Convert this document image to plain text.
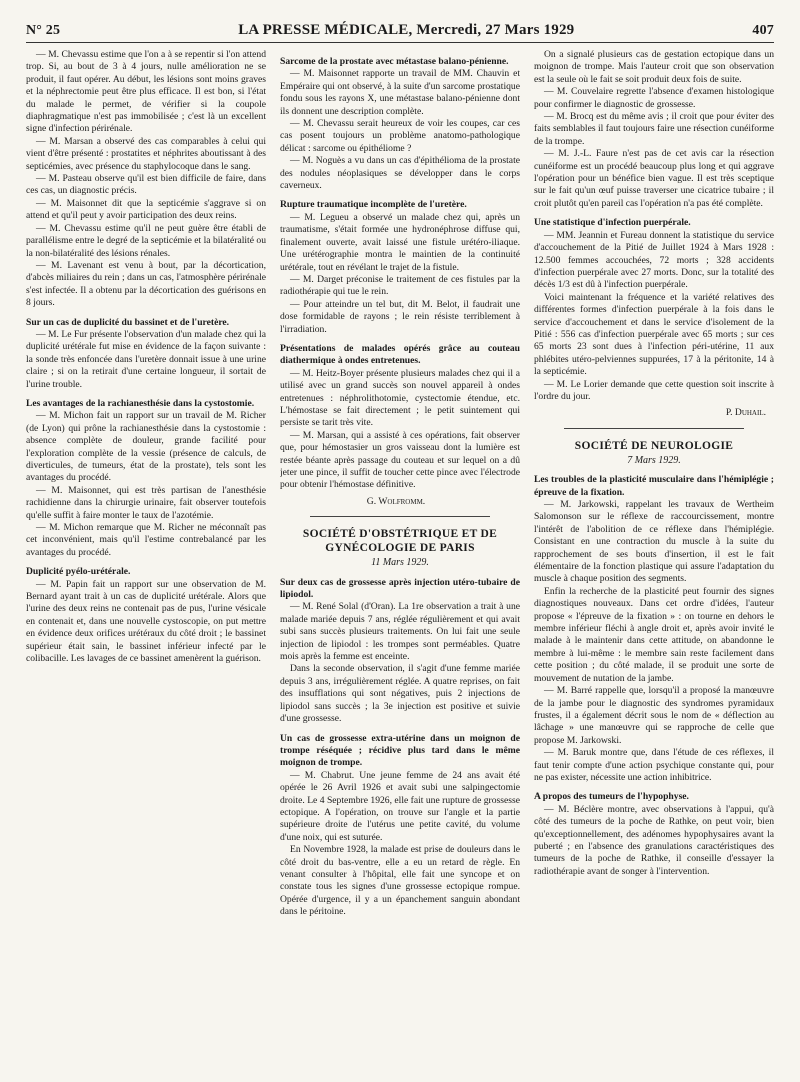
N° 25	LA PRESSE MÉDICALE, Mercredi, 27 Mars 1929	407

— M. Chevassu estime que l'on a à se repentir si l'on attend trop. Si, au bout de 3 à 4 jours, nulle amélioration ne se produit, il faut opérer. Au début, les lésions sont moins graves et la néphrectomie peut être plus efficace. Il est bon, si l'état du malade le permet, de vérifier si la coupole diaphragmatique n'est pas immobilisée ; c'est là un excellent signe d'infection périrénale.

— M. Marsan a observé des cas comparables à celui qui vient d'être présenté : prostatites et néphrites aboutissant à des septicémies, avec présence du staphylocoque dans le sang.

— M. Pasteau observe qu'il est bien difficile de faire, dans ces cas, un diagnostic précis.

— M. Maisonnet dit que la septicémie s'aggrave si on attend et qu'il peut y avoir participation des deux reins.

— M. Chevassu estime qu'il ne peut guère être établi de parallélisme entre le degré de la septicémie et la bilatéralité ou la non-bilatéralité des lésions rénales.

— M. Lavenant est venu à bout, par la décortication, d'abcès miliaires du rein ; dans un cas, l'atmosphère périrénale s'est infectée. Il a obtenu par la décortication des guérisons en 8 jours.

Sur un cas de duplicité du bassinet et de l'uretère.

— M. Le Fur présente l'observation d'un malade chez qui la duplicité urétérale fut mise en évidence de la façon suivante : la sonde très enfoncée dans l'uretère donnait issue à une urine claire ; si on la retirait d'une certaine longueur, il sortait de l'urine trouble.

Les avantages de la rachianesthésie dans la cystostomie.

— M. Michon fait un rapport sur un travail de M. Richer (de Lyon) qui prône la rachianesthésie dans la cystostomie : absence complète de douleur, grande facilité pour l'exploration complète de la vessie (présence de calculs, de diverticules, de tumeurs, état de la prostate), tels sont les avantages du procédé.

— M. Maisonnet, qui est très partisan de l'anesthésie rachidienne dans la chirurgie urinaire, fait observer toutefois qu'elle suffit à faire monter le taux de l'azotémie.

— M. Michon remarque que M. Richer ne méconnaît pas cet inconvénient, mais qu'il l'estime contrebalancé par les avantages du procédé.

Duplicité pyélo-urétérale.

— M. Papin fait un rapport sur une observation de M. Bernard ayant trait à un cas de duplicité urétérale. Alors que l'urine des deux reins ne contenait pas de pus, l'urine vésicale en contenait et, dans une nouvelle cystoscopie, on put mettre en évidence deux orifices urétéraux du côté droit ; le bassinet supérieur était sain, le bassinet inférieur infecté par le colibacille. Les lavages de ce bassinet amenèrent la guérison.

Sarcome de la prostate avec métastase balano-pénienne.

— M. Maisonnet rapporte un travail de MM. Chauvin et Empéraire qui ont observé, à la suite d'un sarcome prostatique fondu sous les rayons X, une métastase balano-pénienne dont ils donnent une description complète.

— M. Chevassu serait heureux de voir les coupes, car ces cas posent toujours un problème anatomo-pathologique délicat : sarcome ou épithéliome ?

— M. Noguès a vu dans un cas d'épithélioma de la prostate des nodules néoplasiques se développer dans le corps caverneux.

Rupture traumatique incomplète de l'uretère.

— M. Legueu a observé un malade chez qui, après un traumatisme, s'était formée une hydronéphrose diffuse qui, finalement ouverte, avait laissé une fistule urétéro-iliaque. Une urétérographie montra le maintien de la continuité urétérale, tout en révélant le trajet de la fistule.

— M. Darget préconise le traitement de ces fistules par la radiothérapie qui tue le rein.

— Pour atteindre un tel but, dit M. Belot, il faudrait une dose formidable de rayons ; le rein résiste terriblement à l'irradiation.

Présentations de malades opérés grâce au couteau diathermique à ondes entretenues.

— M. Heitz-Boyer présente plusieurs malades chez qui il a utilisé avec un grand succès son nouvel appareil à ondes entretenues : néphrolithotomie, cystectomie étendue, etc. L'hémostase se fait directement ; le petit suintement qui persiste se tarit très vite.

— M. Marsan, qui a assisté à ces opérations, fait observer que, pour hémostasier un gros vaisseau dont la lumière est restée béante après passage du couteau et sur lequel on a dû jeter une pince, il suffit de toucher cette pince avec l'électrode pour obtenir l'hémostase définitive.

G. Wolfromm.
SOCIÉTÉ D'OBSTÉTRIQUE ET DE GYNÉCOLOGIE DE PARIS
11 Mars 1929.

Sur deux cas de grossesse après injection utéro-tubaire de lipiodol.

— M. René Solal (d'Oran). La 1re observation a trait à une malade mariée depuis 7 ans, réglée régulièrement et qui avait subi sans succès plusieurs traitements. On lui fait une seule injection de lipiodol : les trompes sont perméables. Quatre mois après la femme est enceinte.

Dans la seconde observation, il s'agit d'une femme mariée depuis 3 ans, irrégulièrement réglée. A quatre reprises, on fait des insufflations qui sont négatives, puis 2 injections de lipiodol sans succès ; la 3e injection est positive et suivie d'une grossesse.

Un cas de grossesse extra-utérine dans un moignon de trompe réséquée ; récidive plus tard dans le même moignon de trompe.

— M. Chabrut. Une jeune femme de 24 ans avait été opérée le 26 Avril 1926 et avait subi une salpingectomie droite. Le 4 Septembre 1926, elle fait une rupture de grossesse ectopique. A l'opération, on trouve sur l'angle et la partie supérieure droite de l'utérus une petite cavité, du volume d'une noix, qui est suturée.

En Novembre 1928, la malade est prise de douleurs dans le côté droit du bas-ventre, elle a eu un retard de règle. En venant consulter à l'hôpital, elle fait une syncope et on constate tous les signes d'une grossesse ectopique rompue. Opérée d'urgence, il y a un épanchement sanguin abondant dans le péritoine.

On a signalé plusieurs cas de gestation ectopique dans un moignon de trompe. Mais l'auteur croit que son observation est la seule où le fait se soit produit deux fois de suite.

— M. Couvelaire regrette l'absence d'examen histologique pour confirmer le diagnostic de grossesse.

— M. Brocq est du même avis ; il croit que pour éviter des faits semblables il faut toujours faire une résection cunéiforme de la trompe.

— M. J.-L. Faure n'est pas de cet avis car la résection cunéiforme est un procédé beaucoup plus long et qui aggrave l'opération pour un bénéfice bien vague. Il est très sceptique sur le fait qu'un œuf puisse traverser une cicatrice tubaire ; il croit plutôt qu'en pareil cas l'opération n'a pas été complète.

Une statistique d'infection puerpérale.

— MM. Jeannin et Fureau donnent la statistique du service d'accouchement de la Pitié de Juillet 1924 à Mars 1928 : 12.500 femmes accouchées, 72 morts ; 328 accidents d'infection puerpérale avec 27 morts. Donc, sur la totalité des décès 1/3 est dû à l'infection puerpérale.

Voici maintenant la fréquence et la variété relatives des différentes formes d'infection puerpérale à la fois dans le service d'accouchement et dans le service d'isolement de la Pitié : 556 cas d'infection puerpérale avec 65 morts ; sur ces 65 morts 23 sont dues à l'infection péri-utérine, 11 aux phlébites utéro-pelviennes suppurées, 17 à la péritonite, 14 à la septicémie.

— M. Le Lorier demande que cette question soit inscrite à l'ordre du jour.

P. Duhail.
SOCIÉTÉ DE NEUROLOGIE
7 Mars 1929.

Les troubles de la plasticité musculaire dans l'hémiplégie ; épreuve de la fixation.

— M. Jarkowski, rappelant les travaux de Wertheim Salomonson sur le réflexe de raccourcissement, montre l'intérêt de l'abolition de ce réflexe dans l'hémiplégie. Consistant en une contraction du muscle à la suite du rapprochement de ses bouts d'insertion, il est le fait élémentaire de la fonction plastique qui assure l'adaptation du muscle à chaque position des segments.

Enfin la recherche de la plasticité peut fournir des signes diagnostiques nouveaux. Dans cet ordre d'idées, l'auteur propose « l'épreuve de la fixation » : on tourne en dehors le membre inférieur fléchi à angle droit et, après avoir invité le malade à le maintenir dans cette attitude, on abandonne le membre à lui-même : le membre sain reste facilement dans cette position ; du côté malade, il se produit une sorte de mouvement de nutation de la jambe.

— M. Barré rappelle que, lorsqu'il a proposé la manœuvre de la jambe pour le diagnostic des syndromes pyramidaux frustes, il a également décrit sous le nom de « déflection au lâchage » une manœuvre qui se rapproche de celle que propose M. Jarkowski.

— M. Baruk montre que, dans l'étude de ces réflexes, il faut tenir compte d'une action psychique constante qui, pour ne pas exister, nécessite une action inhibitrice.

A propos des tumeurs de l'hypophyse.

— M. Béclère montre, avec observations à l'appui, qu'à côté des tumeurs de la poche de Rathke, on peut voir, bien qu'exceptionnellement, des adénomes hypophysaires avant la puberté ; en l'absence des granulations caractéristiques des tumeurs de la poche de Rathke, il conseille d'essayer la radiothérapie avant de songer à l'intervention.
